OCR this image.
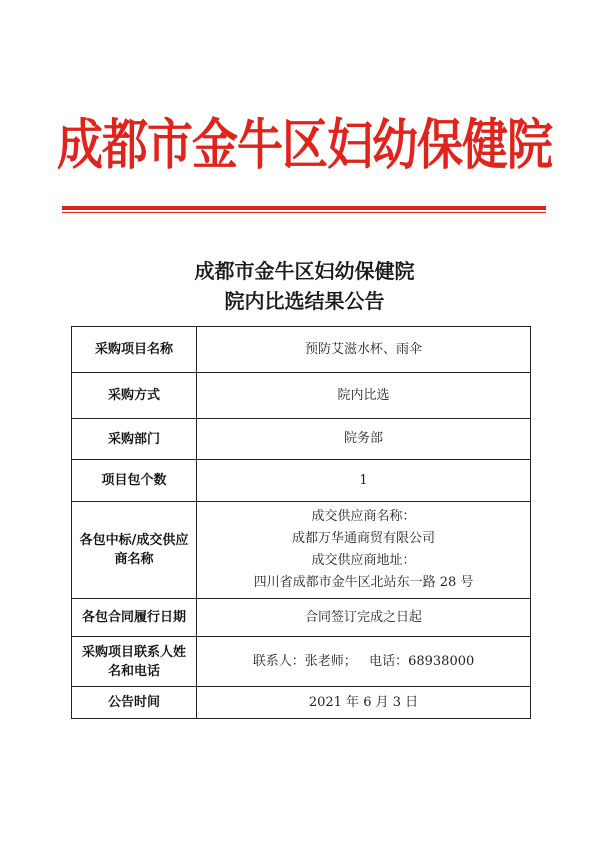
成都市金牛区妇幼保健院
成都市金牛区妇幼保健院
院内比选结果公告
采购项目名称	预防艾滋水杯、雨伞
采购方式	院内比选
采购部门	院务部
项目包个数	1

各包中标/成交供应
商名称	成交供应商名称：
成都万华通商贸有限公司
成交供应商地址：
四川省成都市金牛区北站东一路 28 号

各包合同履行日期	合同签订完成之日起

采购项目联系人姓
名和电话	联系人：张老师；   电话：68938000
公告时间	2021 年 6 月 3 日
